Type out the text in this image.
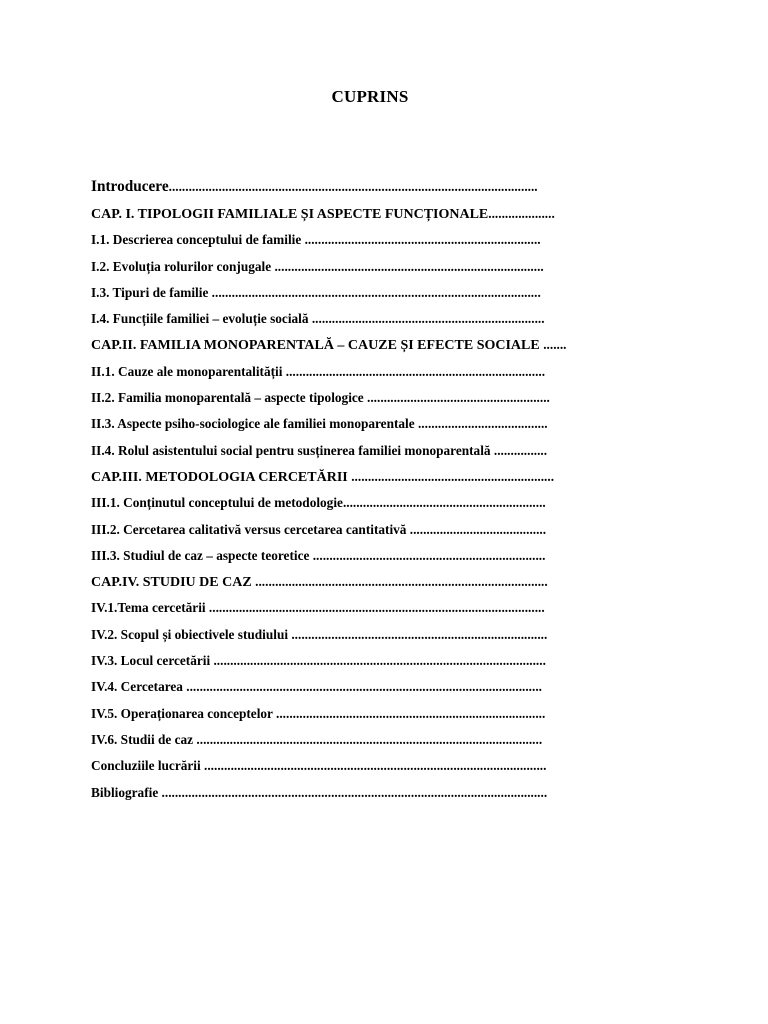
CUPRINS
Introducere...............................................................................................................
CAP. I. TIPOLOGII FAMILIALE ȘI ASPECTE FUNCȚIONALE....................
I.1. Descrierea conceptului de familie .......................................................................
I.2. Evoluția rolurilor conjugale .................................................................................
I.3. Tipuri de familie ...................................................................................................
I.4. Funcțiile familiei – evoluție socială ......................................................................
CAP.II. FAMILIA MONOPARENTALĂ – CAUZE ȘI EFECTE SOCIALE .......
II.1. Cauze ale monoparentalității ..............................................................................
II.2. Familia monoparentală – aspecte tipologice .......................................................
II.3. Aspecte psiho-sociologice ale familiei monoparentale .......................................
II.4. Rolul asistentului social pentru susținerea familiei monoparentală ................
CAP.III. METODOLOGIA CERCETĂRII .............................................................
III.1. Conținutul conceptului de metodologie.............................................................
III.2. Cercetarea calitativă versus cercetarea cantitativă .........................................
III.3. Studiul de caz – aspecte teoretice ......................................................................
CAP.IV. STUDIU DE CAZ ........................................................................................
IV.1.Tema cercetării .....................................................................................................
IV.2. Scopul și obiectivele studiului .............................................................................
IV.3. Locul cercetării ....................................................................................................
IV.4. Cercetarea ...........................................................................................................
IV.5. Operaționarea conceptelor .................................................................................
IV.6. Studii de caz ........................................................................................................
Concluziile lucrării .......................................................................................................
Bibliografie ....................................................................................................................
